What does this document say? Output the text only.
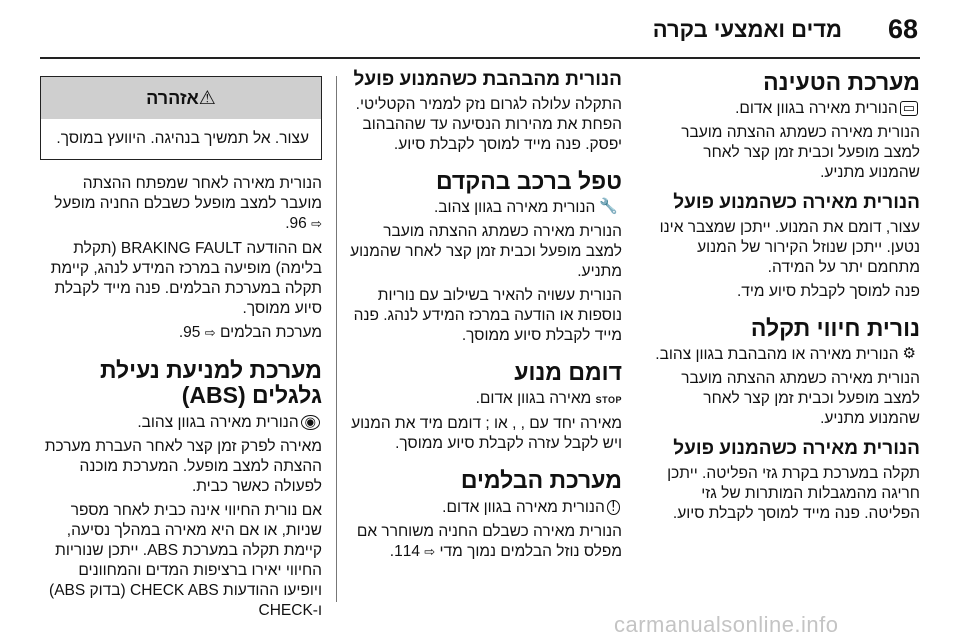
68
מדים ואמצעי בקרה
מערכת הטעינה

▭הנורית מאירה בגוון אדום.

הנורית מאירה כשמתג ההצתה מועבר למצב מופעל וכבית זמן קצר לאחר שהמנוע מתניע.

הנורית מאירה כשהמנוע פועל

עצור, דומם את המנוע. ייתכן שמצבר אינו נטען. ייתכן שנוזל הקירור של המנוע מתחמם יתר על המידה.

פנה למוסך לקבלת סיוע מיד.

נורית חיווי תקלה

⚙הנורית מאירה או מהבהבת בגוון צהוב.

הנורית מאירה כשמתג ההצתה מועבר למצב מופעל וכבית זמן קצר לאחר שהמנוע מתניע.

הנורית מאירה כשהמנוע פועל

תקלה במערכת בקרת גזי הפליטה. ייתכן חריגה מהמגבלות המותרות של גזי הפליטה. פנה מייד למוסך לקבלת סיוע.

הנורית מהבהבת כשהמנוע פועל

התקלה עלולה לגרום נזק לממיר הקטליטי. הפחת את מהירות הנסיעה עד שההבהוב יפסק. פנה מייד למוסך לקבלת סיוע.

טפל ברכב בהקדם

🔧הנורית מאירה בגוון צהוב.

הנורית מאירה כשמתג ההצתה מועבר למצב מופעל וכבית זמן קצר לאחר שהמנוע מתניע.

הנורית עשויה להאיר בשילוב עם נוריות נוספות או הודעה במרכז המידע לנהג. פנה מייד לקבלת סיוע ממוסך.

דומם מנוע

STOP מאירה בגוון אדום.

מאירה יחד עם , , או ; דומם מיד את המנוע ויש לקבל עזרה לקבלת סיוע ממוסך.

מערכת הבלמים

!הנורית מאירה בגוון אדום.

הנורית מאירה כשבלם החניה משוחרר אם מפלס נוזל הבלמים נמוך מדי ⇨ 114.

⚠אזהרה

עצור. אל תמשיך בנהיגה. היוועץ במוסך.

הנורית מאירה לאחר שמפתח ההצתה מועבר למצב מופעל כשבלם החניה מופעל ⇨ 96.

אם ההודעה BRAKING FAULT (תקלת בלימה) מופיעה במרכז המידע לנהג, קיימת תקלה במערכת הבלמים. פנה מייד לקבלת סיוע ממוסך.

מערכת הבלמים ⇨ 95.

מערכת למניעת נעילת גלגלים (ABS)

◉הנורית מאירה בגוון צהוב.

מאירה לפרק זמן קצר לאחר העברת מערכת ההצתה למצב מופעל. המערכת מוכנה לפעולה כאשר כבית.

אם נורית החיווי אינה כבית לאחר מספר שניות, או אם היא מאירה במהלך נסיעה, קיימת תקלה במערכת ABS. ייתכן שנוריות החיווי יאירו ברציפות המדים והמחוונים ויופיעו ההודעות CHECK ABS (בדוק ABS) ו-CHECK

carmanualsonline.info
